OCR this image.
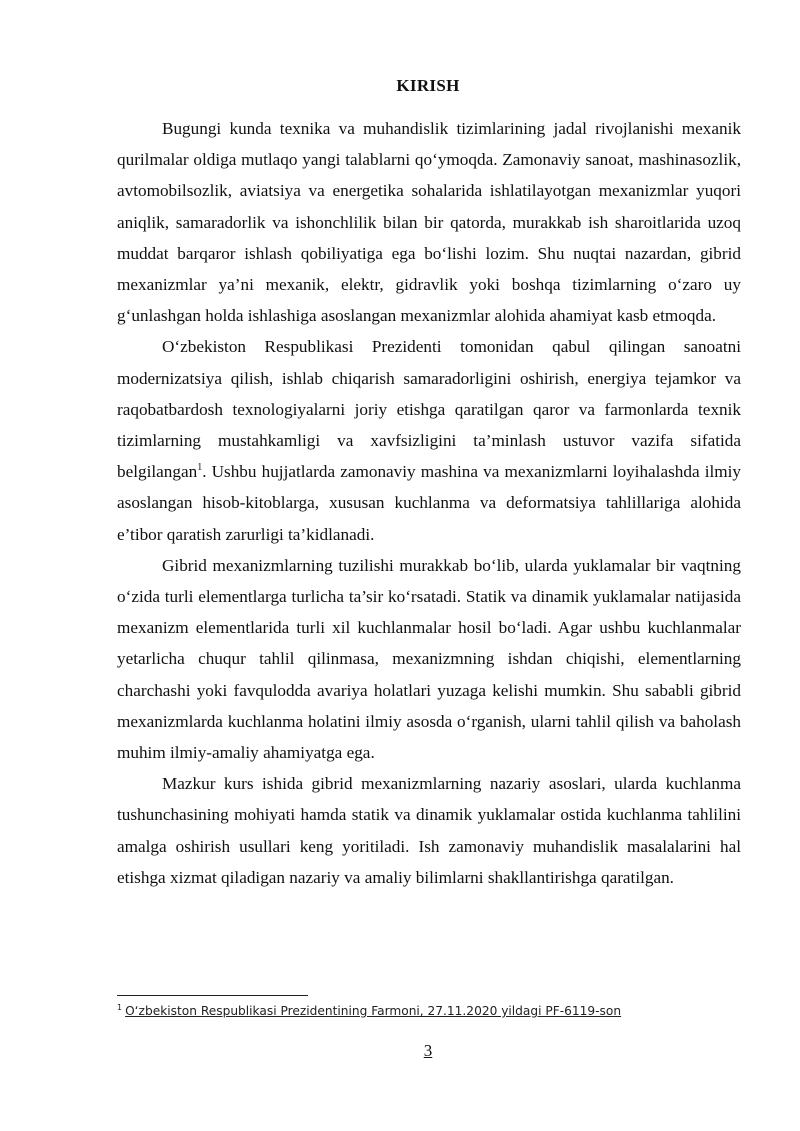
KIRISH

Bugungi kunda texnika va muhandislik tizimlarining jadal rivojlanishi mexanik qurilmalar oldiga mutlaqo yangi talablarni qo‘ymoqda. Zamonaviy sanoat, mashinasozlik, avtomobilsozlik, aviatsiya va energetika sohalarida ishlatilayotgan mexanizmlar yuqori aniqlik, samaradorlik va ishonchlilik bilan bir qatorda, murakkab ish sharoitlarida uzoq muddat barqaror ishlash qobiliyatiga ega bo‘lishi lozim. Shu nuqtai nazardan, gibrid mexanizmlar ya’ni mexanik, elektr, gidravlik yoki boshqa tizimlarning o‘zaro uy g‘unlashgan holda ishlashiga asoslangan mexanizmlar alohida ahamiyat kasb etmoqda.

O‘zbekiston Respublikasi Prezidenti tomonidan qabul qilingan sanoatni modernizatsiya qilish, ishlab chiqarish samaradorligini oshirish, energiya tejamkor va raqobatbardosh texnologiyalarni joriy etishga qaratilgan qaror va farmonlarda texnik tizimlarning mustahkamligi va xavfsizligini ta’minlash ustuvor vazifa sifatida belgilangan$^1$. Ushbu hujjatlarda zamonaviy mashina va mexanizmlarni loyihalashda ilmiy asoslangan hisob-kitoblarga, xususan kuchlanma va deformatsiya tahlillariga alohida e’tibor qaratish zarurligi ta’kidlanadi.

Gibrid mexanizmlarning tuzilishi murakkab bo‘lib, ularda yuklamalar bir vaqtning o‘zida turli elementlarga turlicha ta’sir ko‘rsatadi. Statik va dinamik yuklamalar natijasida mexanizm elementlarida turli xil kuchlanmalar hosil bo‘ladi. Agar ushbu kuchlanmalar yetarlicha chuqur tahlil qilinmasa, mexanizmning ishdan chiqishi, elementlarning charchashi yoki favqulodda avariya holatlari yuzaga kelishi mumkin. Shu sababli gibrid mexanizmlarda kuchlanma holatini ilmiy asosda o‘rganish, ularni tahlil qilish va baholash muhim ilmiy-amaliy ahamiyatga ega.

Mazkur kurs ishida gibrid mexanizmlarning nazariy asoslari, ularda kuchlanma tushunchasining mohiyati hamda statik va dinamik yuklamalar ostida kuchlanma tahlilini amalga oshirish usullari keng yoritiladi. Ish zamonaviy muhandislik masalalarini hal etishga xizmat qiladigan nazariy va amaliy bilimlarni shakllantirishga qaratilgan.

$^1$ O‘zbekiston Respublikasi Prezidentining Farmoni, 27.11.2020 yildagi PF-6119-son
3
